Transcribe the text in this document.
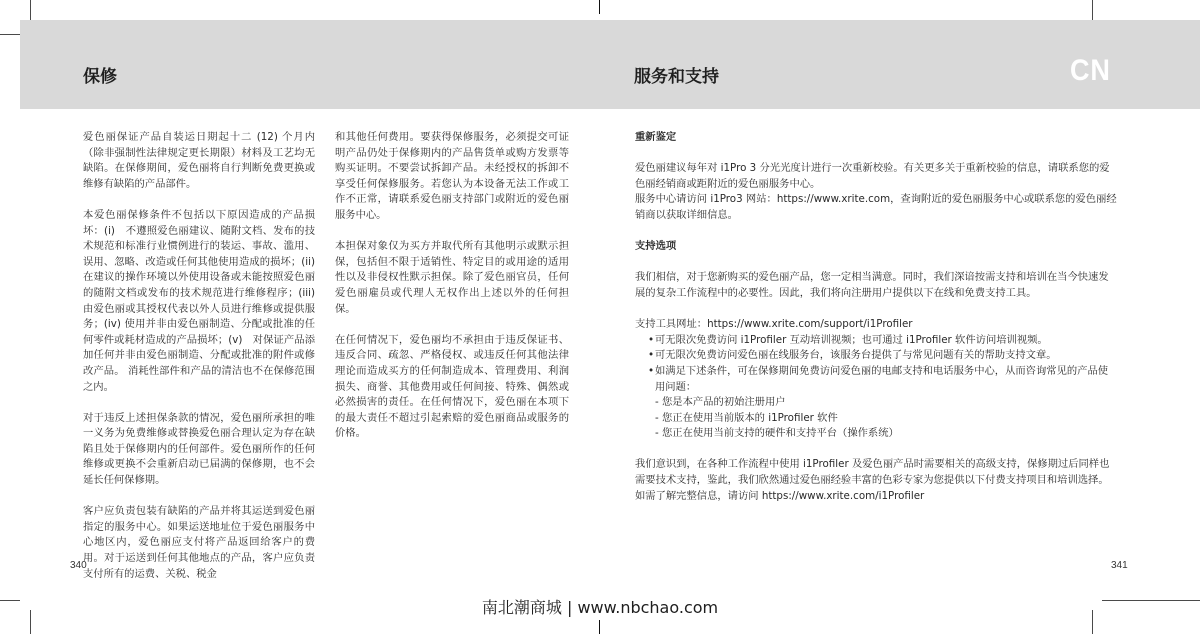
保修	服务和支持	CN

爱色丽保证产品自装运日期起十二 (12) 个月内（除非强制性法律规定更长期限）材料及工艺均无缺陷。在保修期间，爱色丽将自行判断免费更换或维修有缺陷的产品部件。

本爱色丽保修条件不包括以下原因造成的产品损坏：(i)　不遵照爱色丽建议、随附文档、发布的技术规范和标准行业惯例进行的装运、事故、滥用、误用、忽略、改造或任何其他使用造成的损坏；(ii)　在建议的操作环境以外使用设备或未能按照爱色丽的随附文档或发布的技术规范进行维修程序；(iii)　由爱色丽或其授权代表以外人员进行维修或提供服务；(iv) 使用并非由爱色丽制造、分配或批准的任何零件或耗材造成的产品损坏；(v)　对保证产品添加任何并非由爱色丽制造、分配或批准的附件或修改产品。 消耗性部件和产品的清洁也不在保修范围之内。

对于违反上述担保条款的情况，爱色丽所承担的唯一义务为免费维修或替换爱色丽合理认定为存在缺陷且处于保修期内的任何部件。爱色丽所作的任何维修或更换不会重新启动已届满的保修期，也不会延长任何保修期。

客户应负责包装有缺陷的产品并将其运送到爱色丽指定的服务中心。如果运送地址位于爱色丽服务中心地区内，爱色丽应支付将产品返回给客户的费用。对于运送到任何其他地点的产品，客户应负责支付所有的运费、关税、税金

和其他任何费用。要获得保修服务，必须提交可证明产品仍处于保修期内的产品售货单或购方发票等购买证明。不要尝试拆卸产品。未经授权的拆卸不享受任何保修服务。若您认为本设备无法工作或工作不正常，请联系爱色丽支持部门或附近的爱色丽服务中心。

本担保对象仅为买方并取代所有其他明示或默示担保，包括但不限于适销性、特定目的或用途的适用性以及非侵权性默示担保。除了爱色丽官员，任何爱色丽雇员或代理人无权作出上述以外的任何担保。

在任何情况下，爱色丽均不承担由于违反保证书、违反合同、疏忽、严格侵权、或违反任何其他法律理论而造成买方的任何制造成本、管理费用、利润损失、商誉、其他费用或任何间接、特殊、偶然或必然损害的责任。在任何情况下，爱色丽在本项下的最大责任不超过引起索赔的爱色丽商品或服务的价格。

重新鉴定

爱色丽建议每年对 i1Pro 3 分光光度计进行一次重新校验。有关更多关于重新校验的信息，请联系您的爱色丽经销商或距附近的爱色丽服务中心。
服务中心请访问 i1Pro3 网站：https://www.xrite.com，查询附近的爱色丽服务中心或联系您的爱色丽经销商以获取详细信息。

支持选项

我们相信，对于您新购买的爱色丽产品，您一定相当满意。同时，我们深谙按需支持和培训在当今快速发展的复杂工作流程中的必要性。因此，我们将向注册用户提供以下在线和免费支持工具。

支持工具网址：https://www.xrite.com/support/i1Profiler
• 可无限次免费访问 i1Profiler 互动培训视频；也可通过 i1Profiler 软件访问培训视频。
• 可无限次免费访问爱色丽在线服务台，该服务台提供了与常见问题有关的帮助支持文章。
• 如满足下述条件，可在保修期间免费访问爱色丽的电邮支持和电话服务中心，从而咨询常见的产品使用问题：
- 您是本产品的初始注册用户
- 您正在使用当前版本的 i1Profiler 软件
- 您正在使用当前支持的硬件和支持平台（操作系统）

我们意识到，在各种工作流程中使用 i1Profiler 及爱色丽产品时需要相关的高级支持，保修期过后同样也需要技术支持，鉴此，我们欣然通过爱色丽经验丰富的色彩专家为您提供以下付费支持项目和培训选择。如需了解完整信息，请访问 https://www.xrite.com/i1Profiler

340	341
南北潮商城 | www.nbchao.com
